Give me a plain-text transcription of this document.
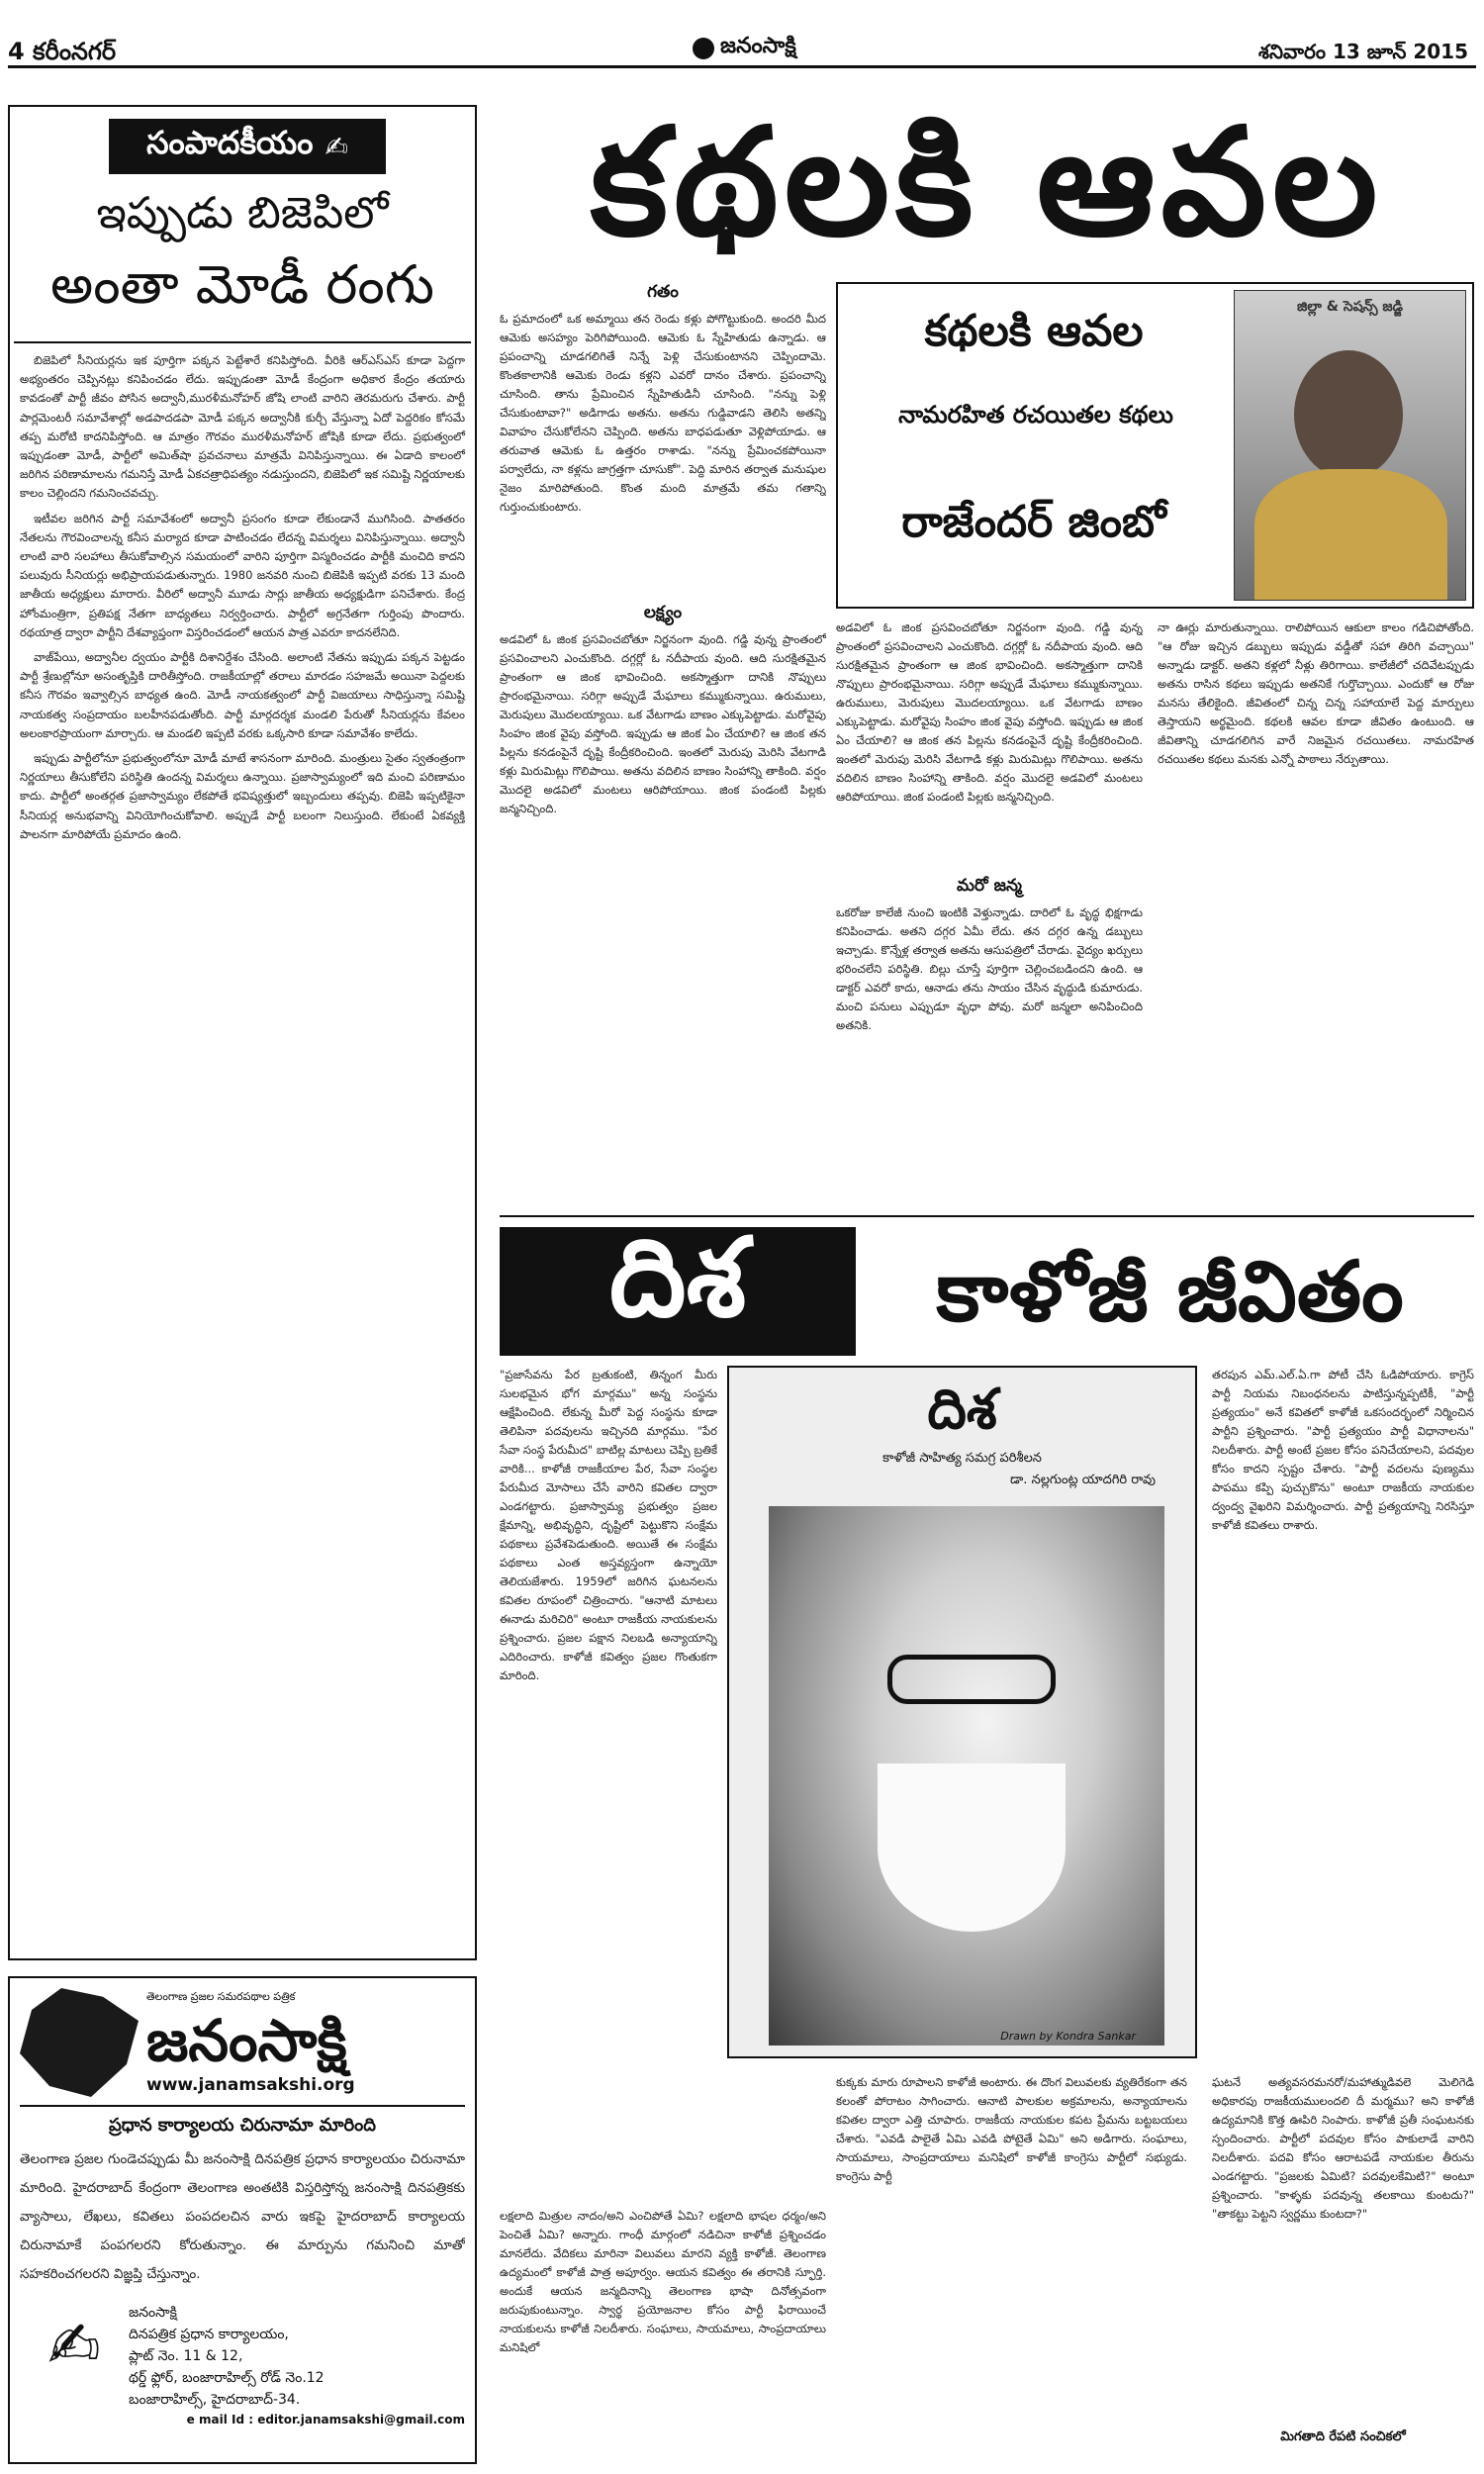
4 కరీంనగర్	జనంసాక్షి	శనివారం 13 జూన్ 2015
సంపాదకీయం ✍
ఇప్పుడు బిజెపిలో
అంతా మోడీ రంగు

బిజెపిలో సీనియర్లను ఇక పూర్తిగా పక్కన పెట్టేశారే కనిపిస్తోంది. వీరికి ఆర్ఎస్ఎస్ కూడా పెద్దగా అభ్యంతరం చెప్పినట్లు కనిపించడం లేదు. ఇప్పుడంతా మోడీ కేంద్రంగా అధికార కేంద్రం తయారు కావడంతో పార్టీ జీవం పోసిన అద్వానీ,మురళీమనోహర్ జోషి లాంటి వారిని తెరమరుగు చేశారు. పార్టీ పార్లమెంటరీ సమావేశాల్లో అడపాదడపా మోడీ పక్కన అద్వానీకి కుర్చీ వేస్తున్నా ఏదో పెద్దరికం కోసమే తప్ప మరోటి కాదనిపిస్తోంది. ఆ మాత్రం గౌరవం మురళీమనోహర్ జోషికి కూడా లేదు. ప్రభుత్వంలో ఇప్పుడంతా మోడీ, పార్టీలో అమిత్‌షా ప్రవచనాలు మాత్రమే వినిపిస్తున్నాయి. ఈ ఏడాది కాలంలో జరిగిన పరిణామాలను గమనిస్తే మోడీ ఏకచత్రాధిపత్యం నడుస్తుందని, బిజెపిలో ఇక సమిష్టి నిర్ణయాలకు కాలం చెల్లిందని గమనించవచ్చు.

ఇటీవల జరిగిన పార్టీ సమావేశంలో అద్వానీ ప్రసంగం కూడా లేకుండానే ముగిసింది. పాతతరం నేతలను గౌరవించాలన్న కనీస మర్యాద కూడా పాటించడం లేదన్న విమర్శలు వినిపిస్తున్నాయి. అద్వానీ లాంటి వారి సలహాలు తీసుకోవాల్సిన సమయంలో వారిని పూర్తిగా విస్మరించడం పార్టీకి మంచిది కాదని పలువురు సీనియర్లు అభిప్రాయపడుతున్నారు. 1980 జనవరి నుంచి బిజెపికి ఇప్పటి వరకు 13 మంది జాతీయ అధ్యక్షులు మారారు. వీరిలో అద్వానీ మూడు సార్లు జాతీయ అధ్యక్షుడిగా పనిచేశారు. కేంద్ర హోంమంత్రిగా, ప్రతిపక్ష నేతగా బాధ్యతలు నిర్వర్తించారు. పార్టీలో అగ్రనేతగా గుర్తింపు పొందారు. రథయాత్ర ద్వారా పార్టీని దేశవ్యాప్తంగా విస్తరించడంలో ఆయన పాత్ర ఎవరూ కాదనలేనిది.

వాజ్‌పేయి, అద్వానీల ద్వయం పార్టీకి దిశానిర్దేశం చేసింది. అలాంటి నేతను ఇప్పుడు పక్కన పెట్టడం పార్టీ శ్రేణుల్లోనూ అసంతృప్తికి దారితీస్తోంది. రాజకీయాల్లో తరాలు మారడం సహజమే అయినా పెద్దలకు కనీస గౌరవం ఇవ్వాల్సిన బాధ్యత ఉంది. మోడీ నాయకత్వంలో పార్టీ విజయాలు సాధిస్తున్నా సమిష్టి నాయకత్వ సంప్రదాయం బలహీనపడుతోంది. పార్టీ మార్గదర్శక మండలి పేరుతో సీనియర్లను కేవలం అలంకారప్రాయంగా మార్చారు. ఆ మండలి ఇప్పటి వరకు ఒక్కసారి కూడా సమావేశం కాలేదు.

ఇప్పుడు పార్టీలోనూ ప్రభుత్వంలోనూ మోడీ మాటే శాసనంగా మారింది. మంత్రులు సైతం స్వతంత్రంగా నిర్ణయాలు తీసుకోలేని పరిస్థితి ఉందన్న విమర్శలు ఉన్నాయి. ప్రజాస్వామ్యంలో ఇది మంచి పరిణామం కాదు. పార్టీలో అంతర్గత ప్రజాస్వామ్యం లేకపోతే భవిష్యత్తులో ఇబ్బందులు తప్పవు. బిజెపి ఇప్పటికైనా సీనియర్ల అనుభవాన్ని వినియోగించుకోవాలి. అప్పుడే పార్టీ బలంగా నిలుస్తుంది. లేకుంటే ఏకవ్యక్తి పాలనగా మారిపోయే ప్రమాదం ఉంది.

తెలంగాణ ప్రజల సమరపథాల పత్రిక
జనంసాక్షి
www.janamsakshi.org
ప్రధాన కార్యాలయ చిరునామా మారింది
తెలంగాణ ప్రజల గుండెచప్పుడు మీ జనంసాక్షి దినపత్రిక ప్రధాన కార్యాలయం చిరునామా మారింది. హైదరాబాద్ కేంద్రంగా తెలంగాణ అంతటికి విస్తరిస్తోన్న జనంసాక్షి దినపత్రికకు వ్యాసాలు, లేఖలు, కవితలు పంపదలచిన వారు ఇకపై హైదరాబాద్ కార్యాలయ చిరునామాకే పంపగలరని కోరుతున్నాం. ఈ మార్పును గమనించి మాతో సహకరించగలరని విజ్ఞప్తి చేస్తున్నాం.
✍	జనంసాక్షి
దినపత్రిక ప్రధాన కార్యాలయం,
ప్లాట్ నెం. 11 & 12,
థర్డ్ ఫ్లోర్, బంజారాహిల్స్ రోడ్ నెం.12
బంజారాహిల్స్, హైదరాబాద్-34.
e mail Id : editor.janamsakshi@gmail.com
కథలకి ఆవల
కథలకి ఆవల
నామరహిత రచయితల కథలు
రాజేందర్ జింబో
జిల్లా & సెషన్స్ జడ్జి
గతం
ఓ ప్రమాదంలో ఒక అమ్మాయి తన రెండు కళ్లు పోగొట్టుకుంది. అందరి మీద ఆమెకు అసహ్యం పెరిగిపోయింది. ఆమెకు ఓ స్నేహితుడు ఉన్నాడు. ఆ ప్రపంచాన్ని చూడగలిగితే నిన్నే పెళ్లి చేసుకుంటానని చెప్పిందామె. కొంతకాలానికి ఆమెకు రెండు కళ్లని ఎవరో దానం చేశారు. ప్రపంచాన్ని చూసింది. తాను ప్రేమించిన స్నేహితుడినీ చూసింది. "నన్ను పెళ్లి చేసుకుంటావా?" అడిగాడు అతను. అతను గుడ్డివాడని తెలిసి అతన్ని వివాహం చేసుకోలేనని చెప్పింది. అతను బాధపడుతూ వెళ్లిపోయాడు. ఆ తరువాత ఆమెకు ఓ ఉత్తరం రాశాడు. "నన్ను ప్రేమించకపోయినా పర్వాలేదు, నా కళ్లను జాగ్రత్తగా చూసుకో". పెద్ది మారిన తర్వాత మనుషుల నైజం మారిపోతుంది. కొంత మంది మాత్రమే తమ గతాన్ని గుర్తుంచుకుంటారు.
లక్ష్యం
అడవిలో ఓ జింక ప్రసవించబోతూ నిర్జనంగా వుంది. గడ్డి వున్న ప్రాంతంలో ప్రసవించాలని ఎంచుకొంది. దగ్గర్లో ఓ నదీపాయ వుంది. ఆది సురక్షితమైన ప్రాంతంగా ఆ జింక భావించింది. అకస్మాత్తుగా దానికి నొప్పులు ప్రారంభమైనాయి. సరిగ్గా అప్పుడే మేఘాలు కమ్ముకున్నాయి. ఉరుములు, మెరుపులు మొదలయ్యాయి. ఒక వేటగాడు బాణం ఎక్కుపెట్టాడు. మరోవైపు సింహం జింక వైపు వస్తోంది. ఇప్పుడు ఆ జింక ఏం చేయాలి? ఆ జింక తన పిల్లను కనడంపైనే దృష్టి కేంద్రీకరించింది. ఇంతలో మెరుపు మెరిసి వేటగాడి కళ్లు మిరుమిట్లు గొలిపాయి. అతను వదిలిన బాణం సింహాన్ని తాకింది. వర్షం మొదలై అడవిలో మంటలు ఆరిపోయాయి. జింక పండంటి పిల్లకు జన్మనిచ్చింది.
అడవిలో ఓ జింక ప్రసవించబోతూ నిర్జనంగా వుంది. గడ్డి వున్న ప్రాంతంలో ప్రసవించాలని ఎంచుకొంది. దగ్గర్లో ఓ నదీపాయ వుంది. ఆది సురక్షితమైన ప్రాంతంగా ఆ జింక భావించింది. అకస్మాత్తుగా దానికి నొప్పులు ప్రారంభమైనాయి. సరిగ్గా అప్పుడే మేఘాలు కమ్ముకున్నాయి. ఉరుములు, మెరుపులు మొదలయ్యాయి. ఒక వేటగాడు బాణం ఎక్కుపెట్టాడు. మరోవైపు సింహం జింక వైపు వస్తోంది. ఇప్పుడు ఆ జింక ఏం చేయాలి? ఆ జింక తన పిల్లను కనడంపైనే దృష్టి కేంద్రీకరించింది. ఇంతలో మెరుపు మెరిసి వేటగాడి కళ్లు మిరుమిట్లు గొలిపాయి. అతను వదిలిన బాణం సింహాన్ని తాకింది. వర్షం మొదలై అడవిలో మంటలు ఆరిపోయాయి. జింక పండంటి పిల్లకు జన్మనిచ్చింది.
మరో జన్మ
ఒకరోజు కాలేజీ నుంచి ఇంటికి వెళ్తున్నాడు. దారిలో ఓ వృద్ధ భిక్షగాడు కనిపించాడు. అతని దగ్గర ఏమీ లేదు. తన దగ్గర ఉన్న డబ్బులు ఇచ్చాడు. కొన్నేళ్ల తర్వాత అతను ఆసుపత్రిలో చేరాడు. వైద్యం ఖర్చులు భరించలేని పరిస్థితి. బిల్లు చూస్తే పూర్తిగా చెల్లించబడిందని ఉంది. ఆ డాక్టర్ ఎవరో కాదు, ఆనాడు తను సాయం చేసిన వృద్ధుడి కుమారుడు. మంచి పనులు ఎప్పుడూ వృధా పోవు. మరో జన్మలా అనిపించింది అతనికి.
నా ఊర్లు మారుతున్నాయి. రాలిపోయిన ఆకులా కాలం గడిచిపోతోంది. "ఆ రోజు ఇచ్చిన డబ్బులు ఇప్పుడు వడ్డీతో సహా తిరిగి వచ్చాయి" అన్నాడు డాక్టర్. అతని కళ్లలో నీళ్లు తిరిగాయి. కాలేజీలో చదివేటప్పుడు అతను రాసిన కథలు ఇప్పుడు అతనికే గుర్తొచ్చాయి. ఎందుకో ఆ రోజు మనసు తేలికైంది. జీవితంలో చిన్న చిన్న సహాయాలే పెద్ద మార్పులు తెస్తాయని అర్థమైంది. కథలకి ఆవల కూడా జీవితం ఉంటుంది. ఆ జీవితాన్ని చూడగలిగిన వారే నిజమైన రచయితలు. నామరహిత రచయితల కథలు మనకు ఎన్నో పాఠాలు నేర్పుతాయి.
దిశ	కాళోజీ జీవితం
"ప్రజాసేవను పేర బ్రతుకంటి, తిన్నంగ మీరు సులభమైన భోగ మార్గము" అన్న సంస్థను ఆక్షేపించింది. లేకున్న మీరో పెద్ద సంస్థను కూడా తెలిపినా పదవులను ఇచ్చినది మార్గము. "పేర సేవా సంస్థ పేరుమీద" బాటిల్ల మాటలు చెప్పి బ్రతికే వారికి... కాళోజీ రాజకీయాల పేర, సేవా సంస్థల పేరుమీద మోసాలు చేసే వారిని కవితల ద్వారా ఎండగట్టారు. ప్రజాస్వామ్య ప్రభుత్వం ప్రజల క్షేమాన్ని, అభివృద్ధిని, దృష్టిలో పెట్టుకొని సంక్షేమ పథకాలు ప్రవేశపెడుతుంది. అయితే ఈ సంక్షేమ పథకాలు ఎంత అస్తవ్యస్తంగా ఉన్నాయో తెలియజేశారు. 1959లో జరిగిన ఘటనలను కవితల రూపంలో చిత్రించారు. "ఆనాటి మాటలు ఈనాడు మరిచిరి" అంటూ రాజకీయ నాయకులను ప్రశ్నించారు. ప్రజల పక్షాన నిలబడి అన్యాయాన్ని ఎదిరించారు. కాళోజీ కవిత్వం ప్రజల గొంతుకగా మారింది.
దిశ
కాళోజీ సాహిత్య సమగ్ర పరిశీలన
డా. నల్లగుంట్ల యాదగిరి రావు
Drawn by Kondra Sankar
తరపున ఎమ్.ఎల్.ఏ.గా పోటీ చేసి ఓడిపోయారు. కాగ్రెస్ పార్టీ నియమ నిబంధనలను పాటిస్తున్నప్పటికీ, "పార్టీ ప్రత్యయం" అనే కవితలో కాళోజీ ఒకసందర్భంలో నిర్మించిన పార్టీని ప్రశ్నించారు. "పార్టీ ప్రత్యయం పార్టీ విధానాలను" నిలదీశారు. పార్టీ అంటే ప్రజల కోసం పనిచేయాలని, పదవుల కోసం కాదని స్పష్టం చేశారు. "పార్టీ వదలను పుణ్యము పాపము కప్పి పుచ్చుకొను" అంటూ రాజకీయ నాయకుల ద్వంద్వ వైఖరిని విమర్శించారు. పార్టీ ప్రత్యయాన్ని నిరసిస్తూ కాళోజీ కవితలు రాశారు.
లక్షలాది మిత్రుల నాదం/అని ఎంచిపోతే ఏమి? లక్షలాది భాషల ధర్మం/అని పెంచితే ఏమి? అన్నారు. గాంధీ మార్గంలో నడిచినా కాళోజీ ప్రశ్నించడం మానలేదు. వేదికలు మారినా విలువలు మారని వ్యక్తి కాళోజీ. తెలంగాణ ఉద్యమంలో కాళోజీ పాత్ర అపూర్వం. ఆయన కవిత్వం ఈ తరానికి స్ఫూర్తి. అందుకే ఆయన జన్మదినాన్ని తెలంగాణ భాషా దినోత్సవంగా జరుపుకుంటున్నాం. స్వార్థ ప్రయోజనాల కోసం పార్టీ ఫిరాయించే నాయకులను కాళోజీ నిలదీశారు. సంఘాలు, సాయమాలు, సాంప్రదాయాలు మనిషిలో
కుక్కకు మారు రూపాలని కాళోజీ అంటారు. ఈ దొంగ విలువలకు వ్యతిరేకంగా తన కలంతో పోరాటం సాగించారు. ఆనాటి పాలకుల అక్రమాలను, అన్యాయాలను కవితల ద్వారా ఎత్తి చూపారు. రాజకీయ నాయకుల కపట ప్రేమను బట్టబయలు చేశారు. "ఎవడి పాలైతే ఏమి ఎవడి పోటైతే ఏమి" అని అడిగారు. సంఘాలు, సాయమాలు, సాంప్రదాయాలు మనిషిలో కాళోజీ కాంగ్రెసు పార్టీలో సభ్యుడు. కాంగ్రెసు పార్టీ
ఘటనే అత్యవసరమనరో/మహాత్ముడివలె మెలిగెడి అధికారపు రాజకీయములందలి దీ మర్మము? అని కాళోజీ ఉద్యమానికి కొత్త ఊపిరి నింపారు. కాళోజీ ప్రతీ సంఘటనకు స్పందించారు. పార్టీలో పదవుల కోసం పాకులాడే వారిని నిలదీశారు. పదవి కోసం ఆరాటపడే నాయకుల తీరును ఎండగట్టారు. "ప్రజలకు ఏమిటి? పదవులకేమిటి?" అంటూ ప్రశ్నించారు. "కాళ్ళకు పదవున్న తలకాయి కుంటదు?" "తాకట్టు పెట్టని స్వర్ణము కుంటదా?"
మిగతాది రేపటి సంచికలో
